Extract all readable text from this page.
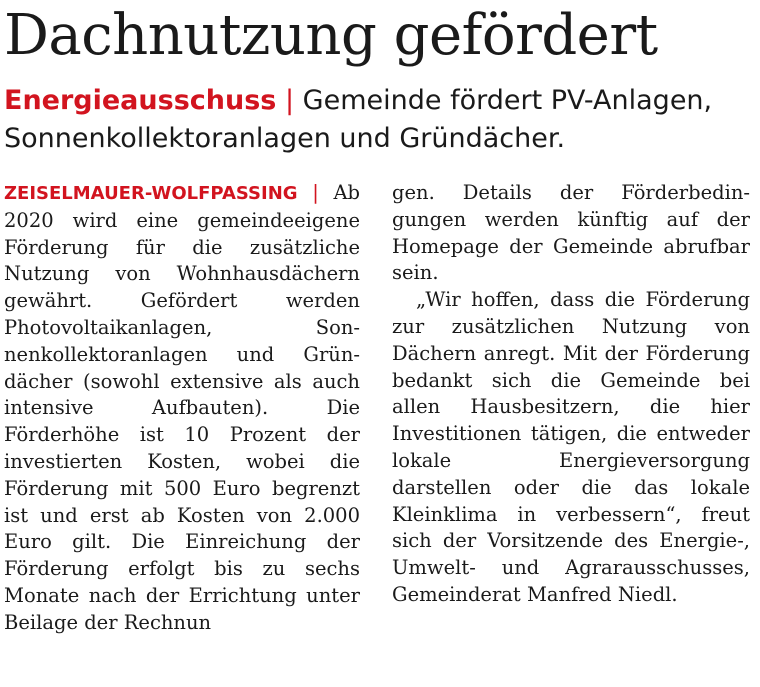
Dachnutzung gefördert
Energieausschuss | Gemeinde fördert PV-Anlagen, Sonnenkollektoranlagen und Gründächer.

ZEISELMAUER-WOLFPASSING | Ab 2020 wird eine gemeindeeigene Förderung für die zusätzliche Nutzung von Wohnhausdächern gewährt. Gefördert werden Photovoltaikanlagen, Sonnenkollektoranlagen und Gründächer (sowohl extensive als auch intensive Aufbauten). Die Förderhöhe ist 10 Prozent der investierten Kosten, wobei die Förderung mit 500 Euro begrenzt ist und erst ab Kosten von 2.000 Euro gilt. Die Einreichung der Förderung erfolgt bis zu sechs Monate nach der Errichtung unter Beilage der Rechnun

gen. Details der Förderbedingungen werden künftig auf der Homepage der Gemeinde abrufbar sein.

„Wir hoffen, dass die Förderung zur zusätzlichen Nutzung von Dächern anregt. Mit der Förderung bedankt sich die Gemeinde bei allen Hausbesitzern, die hier Investitionen tätigen, die entweder lokale Energieversorgung darstellen oder die das lokale Kleinklima in verbessern“, freut sich der Vorsitzende des Energie-, Umwelt- und Agrarausschusses, Gemeinderat Manfred Niedl.
